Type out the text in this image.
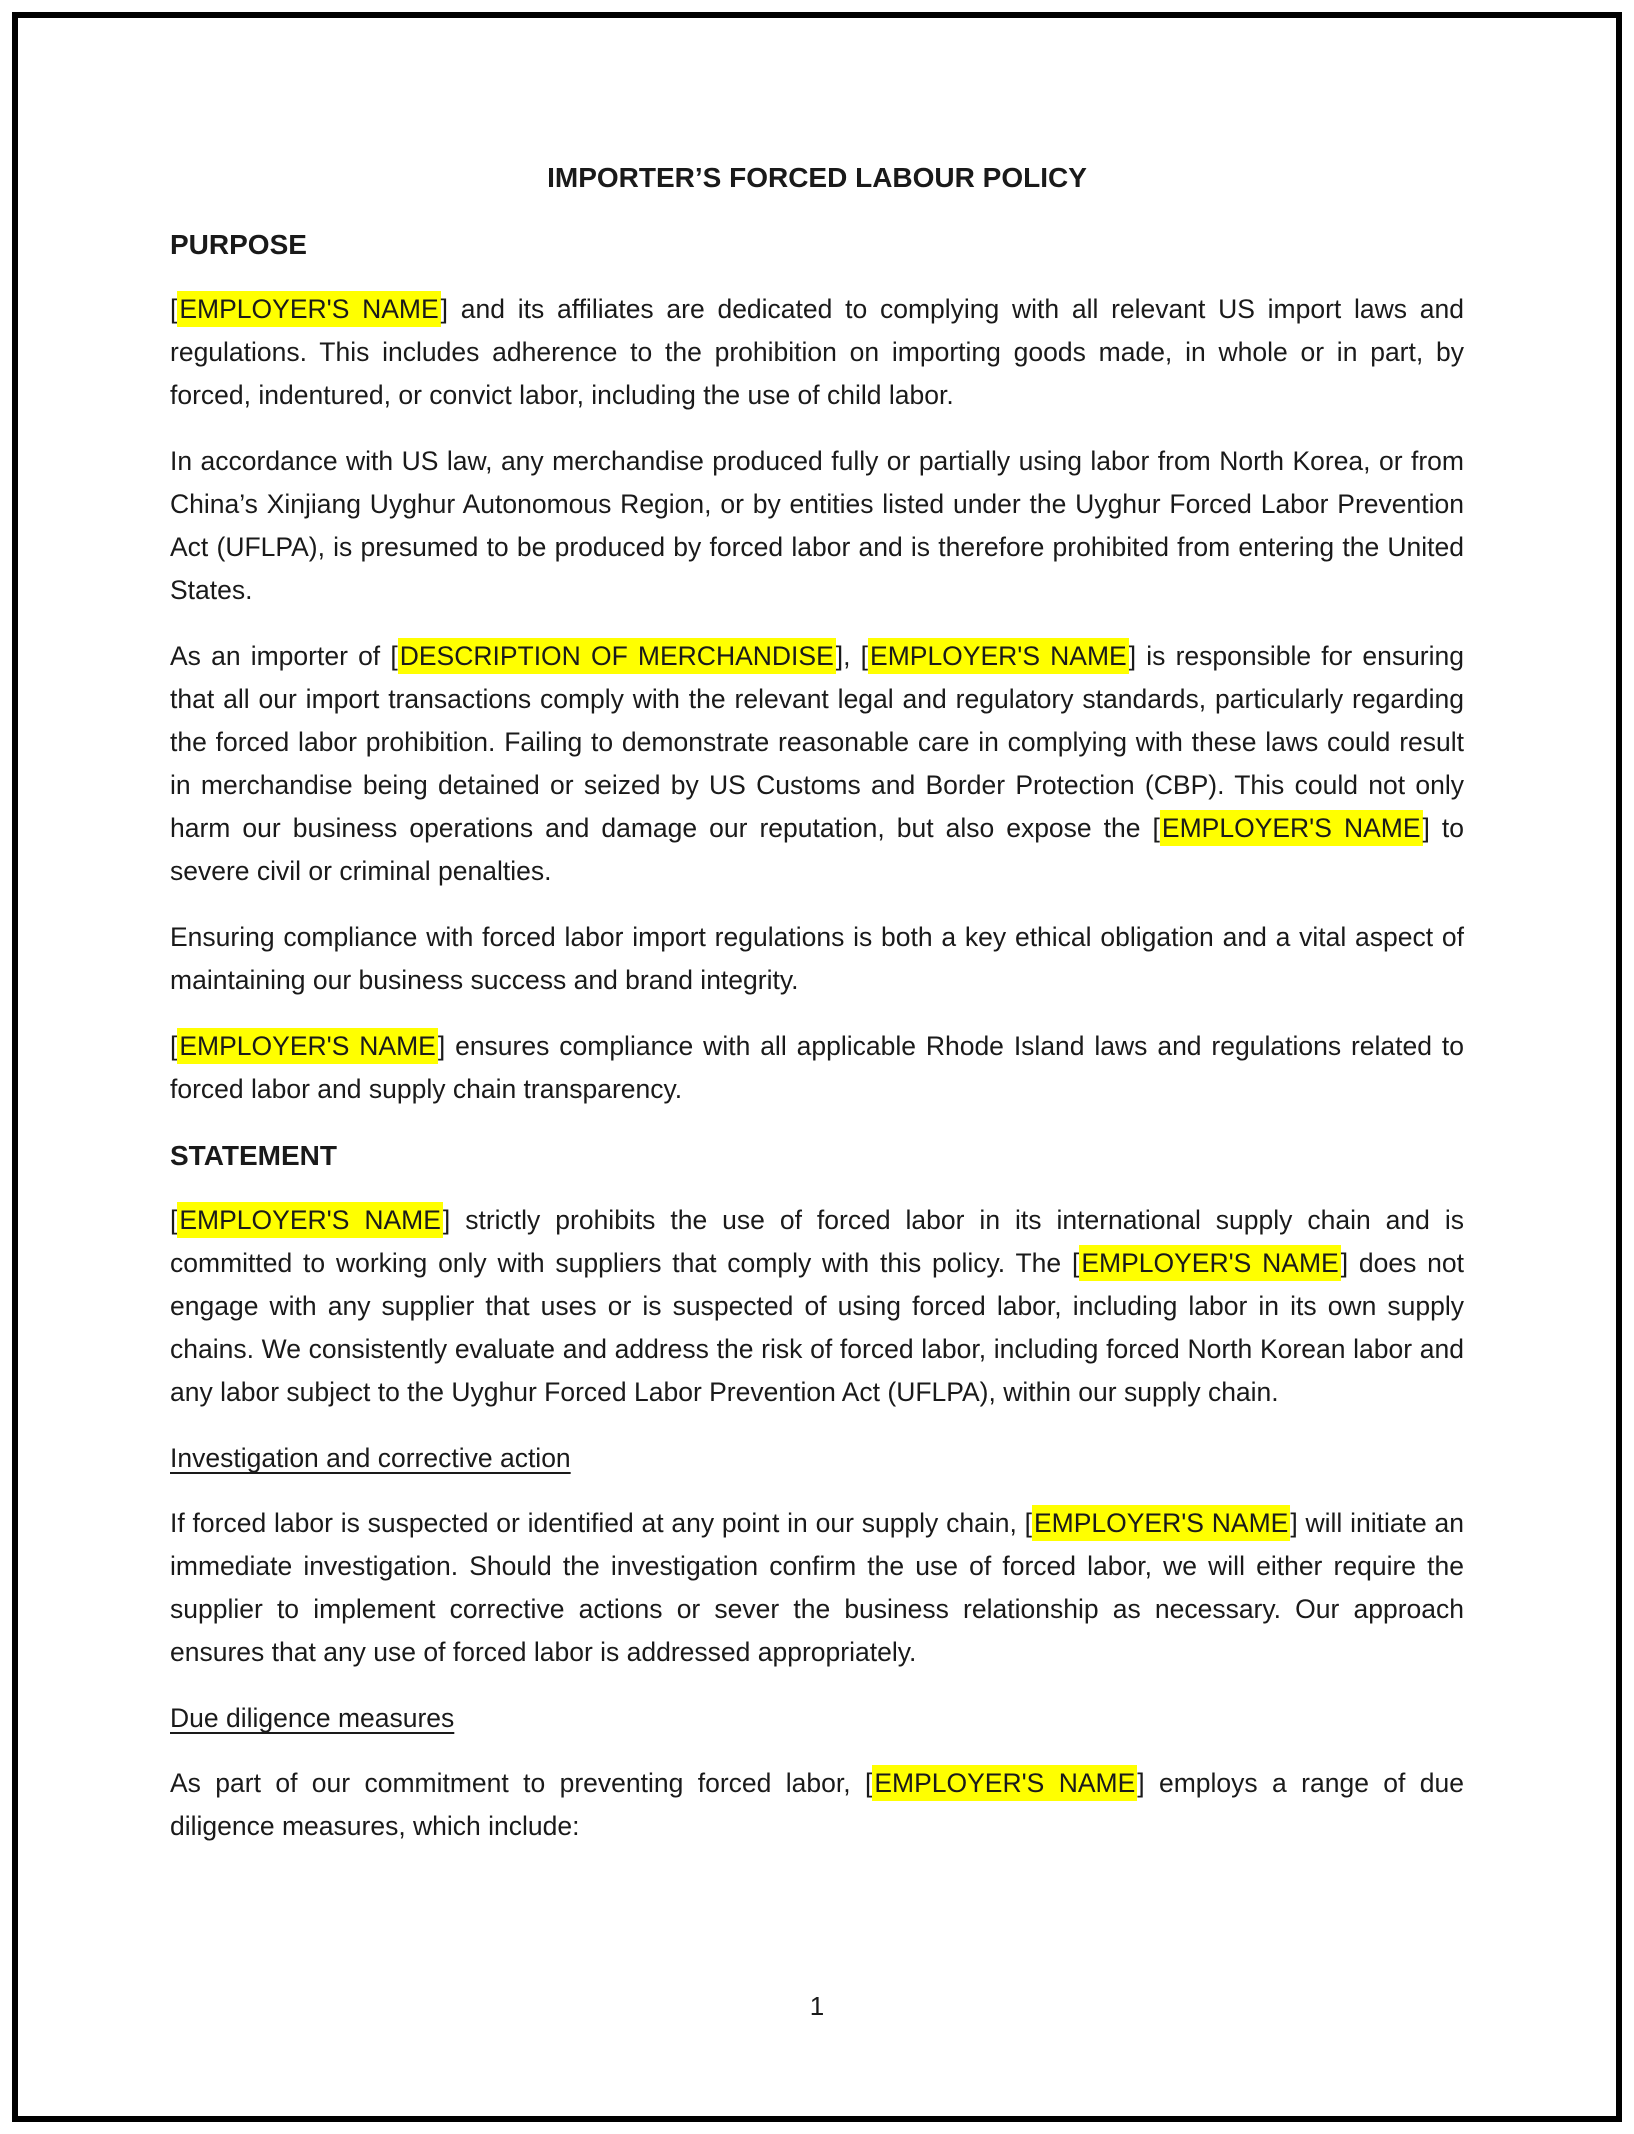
IMPORTER’S FORCED LABOUR POLICY
PURPOSE

[EMPLOYER'S NAME] and its affiliates are dedicated to complying with all relevant US import laws and regulations. This includes adherence to the prohibition on importing goods made, in whole or in part, by forced, indentured, or convict labor, including the use of child labor.

In accordance with US law, any merchandise produced fully or partially using labor from North Korea, or from China’s Xinjiang Uyghur Autonomous Region, or by entities listed under the Uyghur Forced Labor Prevention Act (UFLPA), is presumed to be produced by forced labor and is therefore prohibited from entering the United States.

As an importer of [DESCRIPTION OF MERCHANDISE], [EMPLOYER'S NAME] is responsible for ensuring that all our import transactions comply with the relevant legal and regulatory standards, particularly regarding the forced labor prohibition. Failing to demonstrate reasonable care in complying with these laws could result in merchandise being detained or seized by US Customs and Border Protection (CBP). This could not only harm our business operations and damage our reputation, but also expose the [EMPLOYER'S NAME] to severe civil or criminal penalties.

Ensuring compliance with forced labor import regulations is both a key ethical obligation and a vital aspect of maintaining our business success and brand integrity.

[EMPLOYER'S NAME] ensures compliance with all applicable Rhode Island laws and regulations related to forced labor and supply chain transparency.

STATEMENT

[EMPLOYER'S NAME] strictly prohibits the use of forced labor in its international supply chain and is committed to working only with suppliers that comply with this policy. The [EMPLOYER'S NAME] does not engage with any supplier that uses or is suspected of using forced labor, including labor in its own supply chains. We consistently evaluate and address the risk of forced labor, including forced North Korean labor and any labor subject to the Uyghur Forced Labor Prevention Act (UFLPA), within our supply chain.

Investigation and corrective action

If forced labor is suspected or identified at any point in our supply chain, [EMPLOYER'S NAME] will initiate an immediate investigation. Should the investigation confirm the use of forced labor, we will either require the supplier to implement corrective actions or sever the business relationship as necessary. Our approach ensures that any use of forced labor is addressed appropriately.

Due diligence measures

As part of our commitment to preventing forced labor, [EMPLOYER'S NAME] employs a range of due diligence measures, which include:

1
